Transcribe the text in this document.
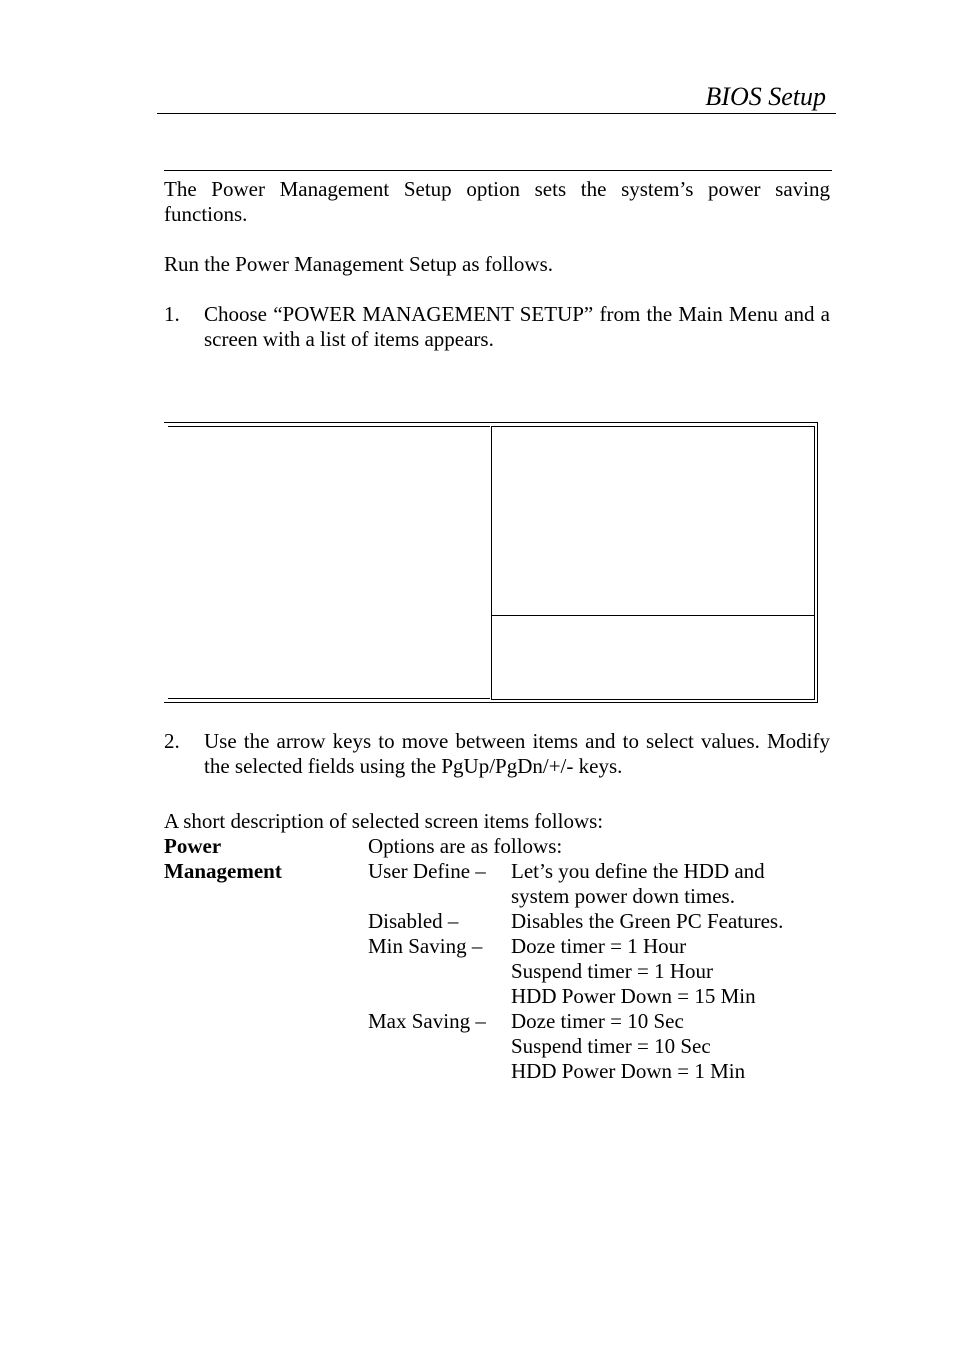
BIOS Setup
The Power Management Setup option sets the system’s power saving functions.
Run the Power Management Setup as follows.
1.	Choose “POWER MANAGEMENT SETUP” from the Main Menu and a screen with a list of items appears.
2.	Use the arrow keys to move between items and to select values. Modify the selected fields using the PgUp/PgDn/+/- keys.
A short description of selected screen items follows:
Power
Management
Options are as follows:
User Define – Let’s you define the HDD and
system power down times.
Disabled –	Disables the Green PC Features.
Min Saving – Doze timer = 1 Hour
Suspend timer = 1 Hour
HDD Power Down = 15 Min
Max Saving – Doze timer = 10 Sec
Suspend timer = 10 Sec
HDD Power Down = 1 Min
